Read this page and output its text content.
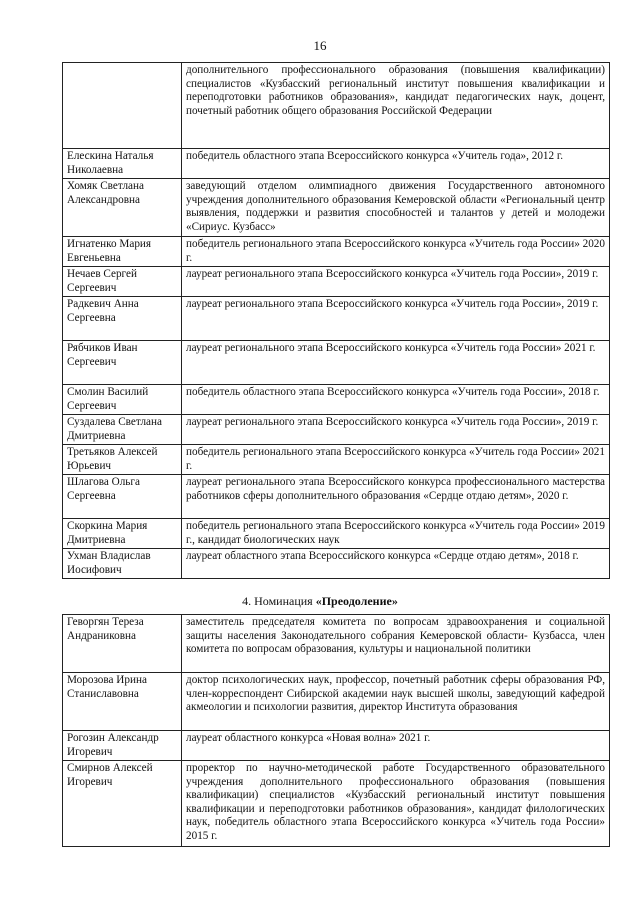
16
	дополнительного профессионального образования (повышения квалификации) специалистов «Кузбасский региональный институт повышения квалификации и переподготовки работников образования», кандидат педагогических наук, доцент, почетный работник общего образования Российской Федерации
Елескина Наталья Николаевна	победитель областного этапа Всероссийского конкурса «Учитель года», 2012 г.
Хомяк Светлана Александровна	заведующий отделом олимпиадного движения Государственного автономного учреждения дополнительного образования Кемеровской области «Региональный центр выявления, поддержки и развития способностей и талантов у детей и молодежи «Сириус. Кузбасс»
Игнатенко Мария Евгеньевна	победитель регионального этапа Всероссийского конкурса «Учитель года России» 2020 г.
Нечаев Сергей Сергеевич	лауреат регионального этапа Всероссийского конкурса «Учитель года России», 2019 г.
Радкевич Анна Сергеевна	лауреат регионального этапа Всероссийского конкурса «Учитель года России», 2019 г.
Рябчиков Иван Сергеевич	лауреат регионального этапа Всероссийского конкурса «Учитель года России» 2021 г.
Смолин Василий Сергеевич	победитель областного этапа Всероссийского конкурса «Учитель года России», 2018 г.
Суздалева Светлана Дмитриевна	лауреат регионального этапа Всероссийского конкурса «Учитель года России», 2019 г.
Третьяков Алексей Юрьевич	победитель регионального этапа Всероссийского конкурса «Учитель года России» 2021 г.
Шлагова Ольга Сергеевна	лауреат регионального этапа Всероссийского конкурса профессионального мастерства работников сферы дополнительного образования «Сердце отдаю детям», 2020 г.
Скоркина Мария Дмитриевна	победитель регионального этапа Всероссийского конкурса «Учитель года России» 2019 г., кандидат биологических наук
Ухман Владислав Иосифович	лауреат областного этапа Всероссийского конкурса «Сердце отдаю детям», 2018 г.
4. Номинация «Преодоление»
Геворгян Тереза Андраниковна	заместитель председателя комитета по вопросам здравоохранения и социальной защиты населения Законодательного собрания Кемеровской области- Кузбасса, член комитета по вопросам образования, культуры и национальной политики
Морозова Ирина Станиславовна	доктор психологических наук, профессор, почетный работник сферы образования РФ, член-корреспондент Сибирской академии наук высшей школы, заведующий кафедрой акмеологии и психологии развития, директор Института образования
Рогозин Александр Игоревич	лауреат областного конкурса «Новая волна» 2021 г.
Смирнов Алексей Игоревич	проректор по научно-методической работе Государственного образовательного учреждения дополнительного профессионального образования (повышения квалификации) специалистов «Кузбасский региональный институт повышения квалификации и переподготовки работников образования», кандидат филологических наук, победитель областного этапа Всероссийского конкурса «Учитель года России» 2015 г.
